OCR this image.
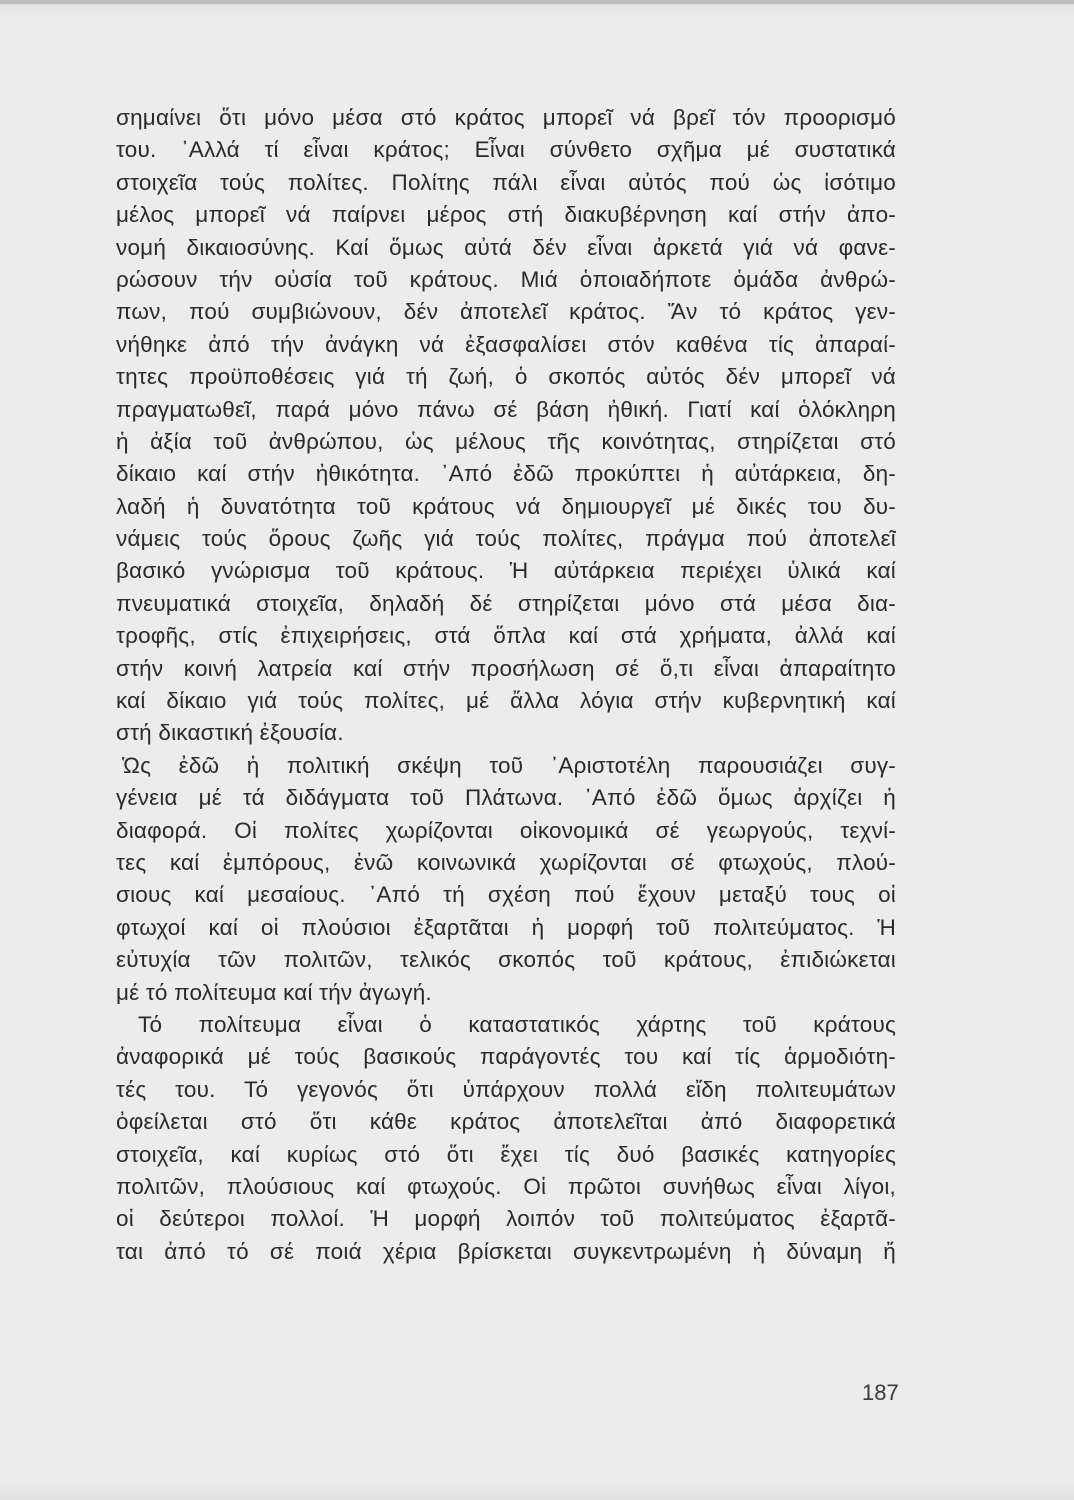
σημαίνει ὅτι μόνο μέσα στό κράτος μπορεῖ νά βρεῖ τόν προορισμό
του. ᾿Αλλά τί εἶναι κράτος; Εἶναι σύνθετο σχῆμα μέ συστατικά
στοιχεῖα τούς πολίτες. Πολίτης πάλι εἶναι αὐτός πού ὡς ἰσότιμο
μέλος μπορεῖ νά παίρνει μέρος στή διακυβέρνηση καί στήν ἀπο-
νομή δικαιοσύνης. Καί ὅμως αὐτά δέν εἶναι ἀρκετά γιά νά φανε-
ρώσουν τήν οὐσία τοῦ κράτους. Μιά ὁποιαδήποτε ὁμάδα ἀνθρώ-
πων, πού συμβιώνουν, δέν ἀποτελεῖ κράτος. Ἄν τό κράτος γεν-
νήθηκε ἀπό τήν ἀνάγκη νά ἐξασφαλίσει στόν καθένα τίς ἀπαραί-
τητες προϋποθέσεις γιά τή ζωή, ὁ σκοπός αὐτός δέν μπορεῖ νά
πραγματωθεῖ, παρά μόνο πάνω σέ βάση ἠθική. Γιατί καί ὁλόκληρη
ἡ ἀξία τοῦ ἀνθρώπου, ὡς μέλους τῆς κοινότητας, στηρίζεται στό
δίκαιο καί στήν ἠθικότητα. ᾿Από ἐδῶ προκύπτει ἡ αὐτάρκεια, δη-
λαδή ἡ δυνατότητα τοῦ κράτους νά δημιουργεῖ μέ δικές του δυ-
νάμεις τούς ὅρους ζωῆς γιά τούς πολίτες, πράγμα πού ἀποτελεῖ
βασικό γνώρισμα τοῦ κράτους. Ἡ αὐτάρκεια περιέχει ὑλικά καί
πνευματικά στοιχεῖα, δηλαδή δέ στηρίζεται μόνο στά μέσα δια-
τροφῆς, στίς ἐπιχειρήσεις, στά ὅπλα καί στά χρήματα, ἀλλά καί
στήν κοινή λατρεία καί στήν προσήλωση σέ ὅ,τι εἶναι ἀπαραίτητο
καί δίκαιο γιά τούς πολίτες, μέ ἄλλα λόγια στήν κυβερνητική καί
στή δικαστική ἐξουσία.
Ὡς ἐδῶ ἡ πολιτική σκέψη τοῦ ᾿Αριστοτέλη παρουσιάζει συγ-
γένεια μέ τά διδάγματα τοῦ Πλάτωνα. ᾿Από ἐδῶ ὅμως ἀρχίζει ἡ
διαφορά. Οἱ πολίτες χωρίζονται οἰκονομικά σέ γεωργούς, τεχνί-
τες καί ἐμπόρους, ἐνῶ κοινωνικά χωρίζονται σέ φτωχούς, πλού-
σιους καί μεσαίους. ᾿Από τή σχέση πού ἔχουν μεταξύ τους οἱ
φτωχοί καί οἱ πλούσιοι ἐξαρτᾶται ἡ μορφή τοῦ πολιτεύματος. Ἡ
εὐτυχία τῶν πολιτῶν, τελικός σκοπός τοῦ κράτους, ἐπιδιώκεται
μέ τό πολίτευμα καί τήν ἀγωγή.
Τό πολίτευμα εἶναι ὁ καταστατικός χάρτης τοῦ κράτους
ἀναφορικά μέ τούς βασικούς παράγοντές του καί τίς ἁρμοδιότη-
τές του. Τό γεγονός ὅτι ὑπάρχουν πολλά εἴδη πολιτευμάτων
ὀφείλεται στό ὅτι κάθε κράτος ἀποτελεῖται ἀπό διαφορετικά
στοιχεῖα, καί κυρίως στό ὅτι ἔχει τίς δυό βασικές κατηγορίες
πολιτῶν, πλούσιους καί φτωχούς. Οἱ πρῶτοι συνήθως εἶναι λίγοι,
οἱ δεύτεροι πολλοί. Ἡ μορφή λοιπόν τοῦ πολιτεύματος ἐξαρτᾶ-
ται ἀπό τό σέ ποιά χέρια βρίσκεται συγκεντρωμένη ἡ δύναμη ἤ
187
